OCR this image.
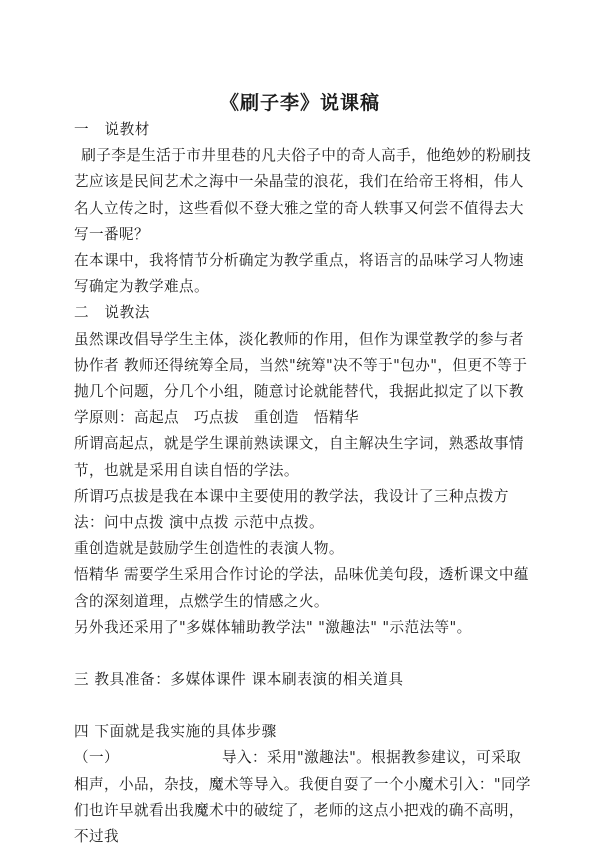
《刷子李》说课稿

一　说教材

刷子李是生活于市井里巷的凡夫俗子中的奇人高手，他绝妙的粉刷技艺应该是民间艺术之海中一朵晶莹的浪花，我们在给帝王将相，伟人名人立传之时，这些看似不登大雅之堂的奇人轶事又何尝不值得去大写一番呢？

在本课中，我将情节分析确定为教学重点，将语言的品味学习人物速写确定为教学难点。

二　说教法

虽然课改倡导学生主体，淡化教师的作用，但作为课堂教学的参与者 协作者 教师还得统筹全局，当然"统筹"决不等于"包办"，但更不等于抛几个问题，分几个小组，随意讨论就能替代，我据此拟定了以下教学原则：高起点　巧点拔　重创造　悟精华

所谓高起点，就是学生课前熟读课文，自主解决生字词，熟悉故事情节，也就是采用自读自悟的学法。

所谓巧点拔是我在本课中主要使用的教学法，我设计了三种点拨方法：问中点拨 演中点拨 示范中点拨。

重创造就是鼓励学生创造性的表演人物。

悟精华 需要学生采用合作讨论的学法，品味优美句段，透析课文中蕴含的深刻道理，点燃学生的情感之火。

另外我还采用了"多媒体辅助教学法" "激趣法" "示范法等"。

三 教具准备：多媒体课件 课本刷表演的相关道具

四 下面就是我实施的具体步骤

（一）	导入：采用"激趣法"。根据教参建议，可采取相声，小品，杂技，魔术等导入。我便自耍了一个小魔术引入："同学们也许早就看出我魔术中的破绽了，老师的这点小把戏的确不高明，不过我
